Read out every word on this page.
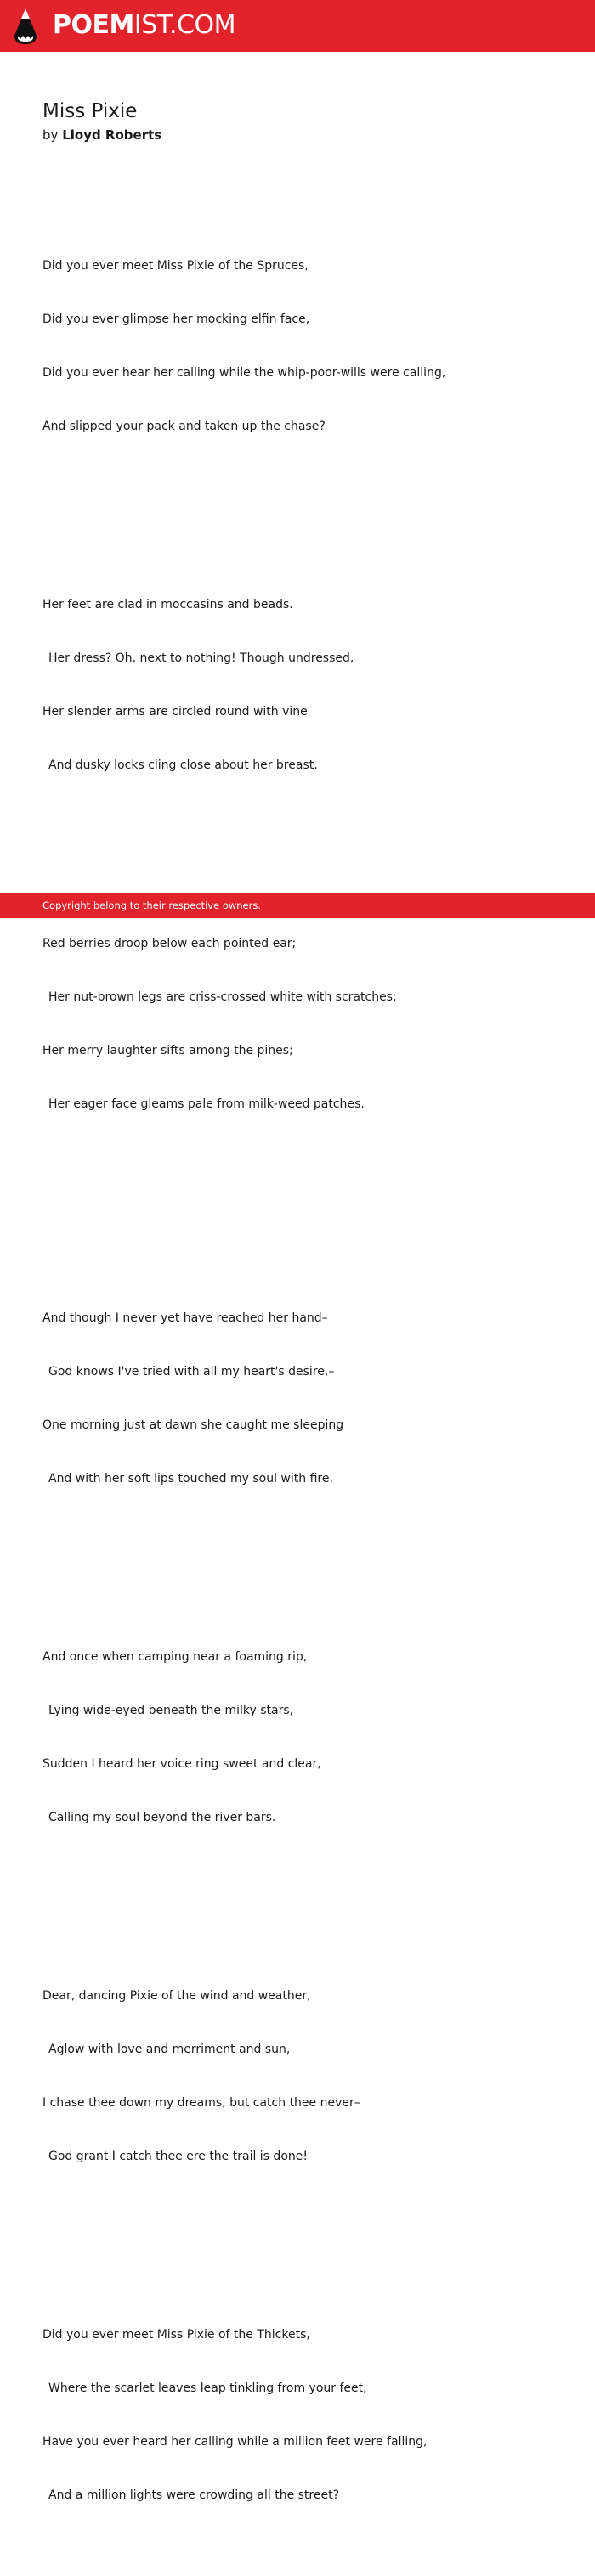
POEMIST.COM
Miss Pixie
by Lloyd Roberts

Did you ever meet Miss Pixie of the Spruces,

Did you ever glimpse her mocking elfin face,

Did you ever hear her calling while the whip-poor-wills were calling,

And slipped your pack and taken up the chase?

Her feet are clad in moccasins and beads.

Her dress? Oh, next to nothing! Though undressed,

Her slender arms are circled round with vine

And dusky locks cling close about her breast.

Red berries droop below each pointed ear;

Her nut-brown legs are criss-crossed white with scratches;

Her merry laughter sifts among the pines;

Her eager face gleams pale from milk-weed patches.

And though I never yet have reached her hand–

God knows I've tried with all my heart's desire,–

One morning just at dawn she caught me sleeping

And with her soft lips touched my soul with fire.

And once when camping near a foaming rip,

Lying wide-eyed beneath the milky stars,

Sudden I heard her voice ring sweet and clear,

Calling my soul beyond the river bars.

Dear, dancing Pixie of the wind and weather,

Aglow with love and merriment and sun,

I chase thee down my dreams, but catch thee never–

God grant I catch thee ere the trail is done!

Did you ever meet Miss Pixie of the Thickets,

Where the scarlet leaves leap tinkling from your feet,

Have you ever heard her calling while a million feet were falling,

And a million lights were crowding all the street?

Copyright belong to their respective owners.
